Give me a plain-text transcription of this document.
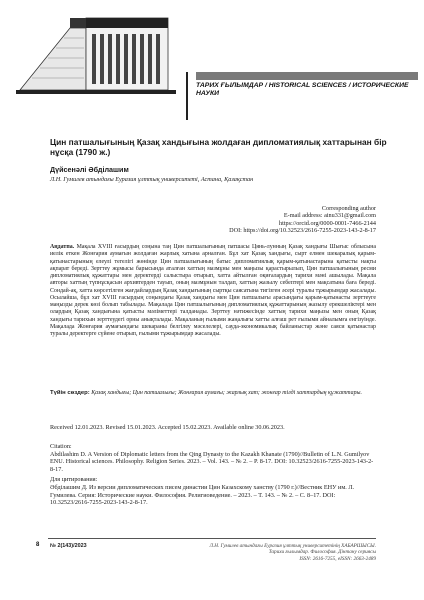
ТАРИХ ҒЫЛЫМДАР / HISTORICAL SCIENCES / ИСТОРИЧЕСКИЕ НАУКИ
Цин патшалығының Қазақ хандығына жолдаған дипломатиялық хаттарынан бір нұсқа (1790 ж.)
Дүйсенәлі Әбділашим
Л.Н. Гумилев атындағы Еуразия ұлттық университеті, Астана, Қазақстан
Corresponding author
E-mail address: ainu331@gmail.com
https://orcid.org/0000-0001-7466-2144
DOI: https://doi.org/10.32523/2616-7255-2023-143-2-8-17
Аңдатпа. Мақала XVIII ғасырдың соңына таң Цин патшалығының патшасы Цянь-лунның Қазақ хандығы Шығыс облысына иелік еткен Жонғария аумағын жолдаған жарлық хатына арналған. Бұл хат Қазақ хандығы, сырт елмен шекаралық қарым-қатынастарының елеулі тегелігі жөнінде Цин патшалығының батыс дипломатиялық қарым-қатынастарына қатысты нақты ақпарат береді. Зерттеу жұмысы барысында аталған хаттың мазмұны мен маңызы қарастырылып, Цин патшалығының ресми дипломатиялық құжаттары мен деректерді салыстыра отырып, хатта айтылған оқиғалардың тарихи мәні ашылады. Мақала авторы хаттың түпнұсқасын архивтерден тауып, оның мазмұнын талдап, хаттың жазылу себептері мен мақсатына баға береді. Сондай-ақ, хатта көрсетілген жағдайлардың Қазақ хандығының сыртқы саясатына тигізген әсері туралы тұжырымдар жасалады. Осылайша, бұл хат XVIII ғасырдың соңындағы Қазақ хандығы мен Цин патшалығы арасындағы қарым-қатынасты зерттеуге маңызды дерек көзі болып табылады. Мақалада Цин патшалығының дипломатиялық құжаттарының жазылу ерекшеліктері мен олардың Қазақ хандығына қатысты мәліметтері талданады. Зерттеу нәтижесінде хаттың тарихи маңызы мен оның Қазақ хандығы тарихын зерттеудегі орны анықталады. Мақаланың ғылыми жаңалығы хатты алғаш рет ғылыми айналымға енгізуінде. Мақалада Жонғария аумағындағы шекараны белгілеу мәселелері, сауда-экономикалық байланыстар және саяси қатынастар туралы деректерге сүйене отырып, ғылыми тұжырымдар жасалады.
Түйін сөздер: Қазақ хандығы; Цин патшалығы; Жонғария аумағы; жарлық хат; жонғар тілді хаттардың құжаттары.
Received 12.01.2023. Revised 15.01.2023. Accepted 15.02.2023. Available online 30.06.2023.
Citation:
Abdilashim D. A Version of Diplomatic letters from the Qing Dynasty to the Kazakh Khanate (1790)//Bulletin of L.N. Gumilyov ENU. Historical sciences. Philosophy. Religion Series. 2023. – Vol. 143. – № 2. – P. 8-17. DOI: 10.32523/2616-7255-2023-143-2-8-17.
Для цитирования:
Әбділашим Д. Из версии дипломатических писем династии Цин Казахскому ханству (1790 г.)//Вестник ЕНУ им. Л. Гумилева. Серия: Исторические науки. Философия. Религиоведение. – 2023. – Т. 143. – № 2. – С. 8–17. DOI: 10.32523/2616-7255-2023-143-2-8-17.
8	№ 2(143)/2023	Л.Н. Гумилев атындағы Еуразия ұлттық университетінің ХАБАРШЫСЫ.
Тарихи ғылымдар. Философия. Дінтану сериясы
ISSN: 2616-7255, eISSN: 2663-2489
